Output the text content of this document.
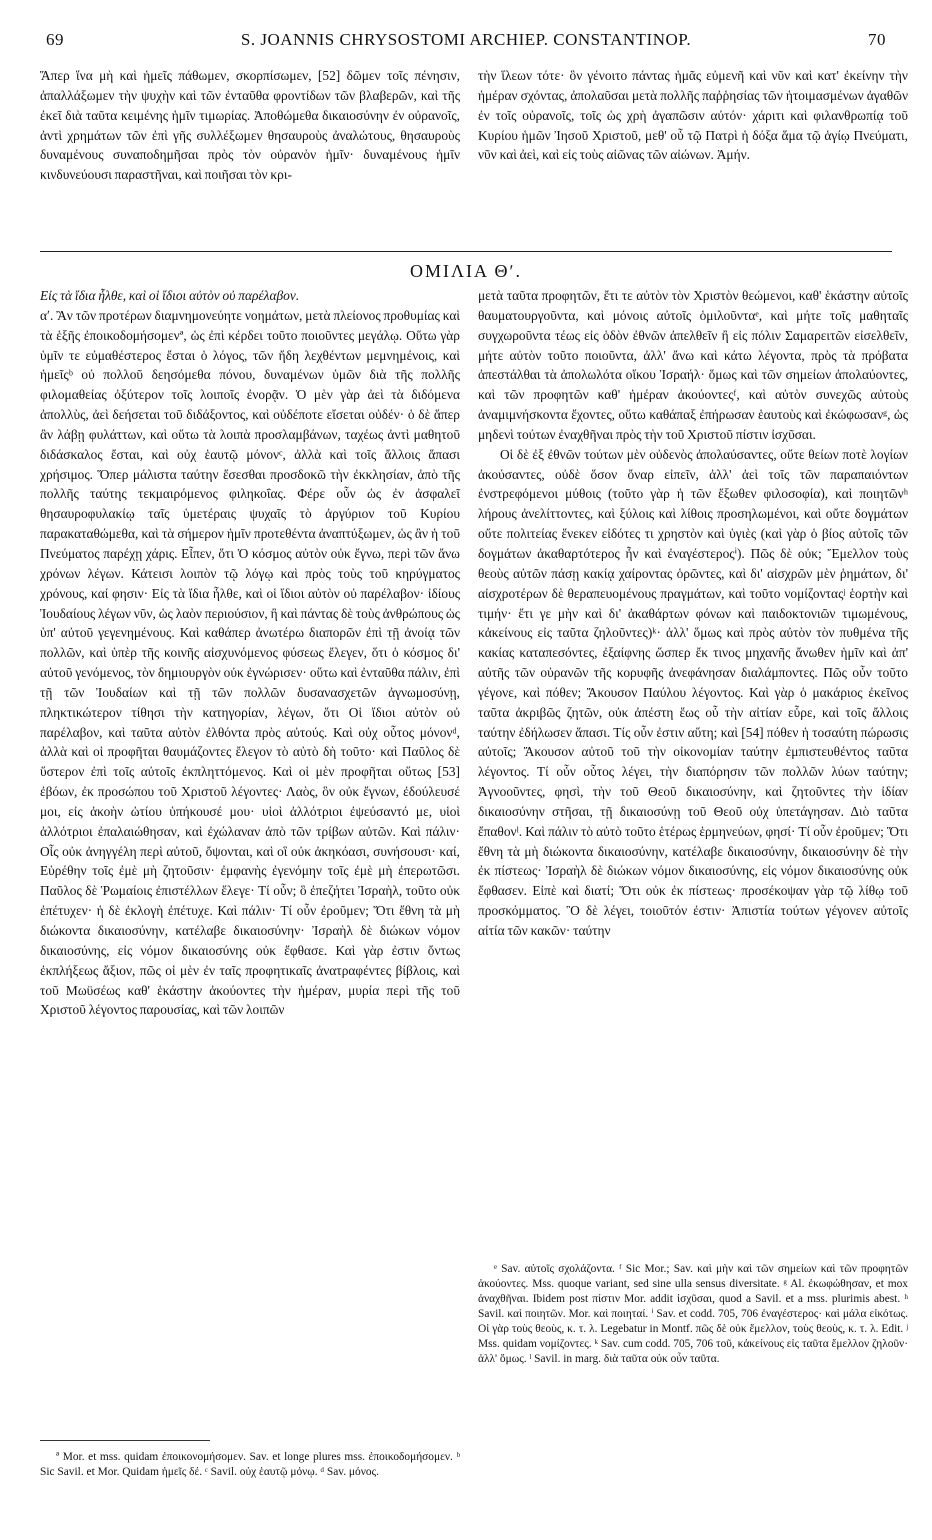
69	S. JOANNIS CHRYSOSTOMI ARCHIEP. CONSTANTINOP.	70

Ἅπερ ἵνα μὴ καὶ ἡμεῖς πάθωμεν, σκορπίσωμεν, [52] δῶμεν τοῖς πένησιν, ἀπαλλάξωμεν τὴν ψυχὴν καὶ τῶν ἐνταῦθα φροντίδων τῶν βλαβερῶν, καὶ τῆς ἐκεῖ διὰ ταῦτα κειμένης ἡμῖν τιμωρίας. Ἀποθώμεθα δικαιοσύνην ἐν οὐρανοῖς, ἀντὶ χρημάτων τῶν ἐπὶ γῆς συλλέξωμεν θησαυροὺς ἀναλώτους, θησαυροὺς δυναμένους συναποδημῆσαι πρὸς τὸν οὐρανὸν ἡμῖν· δυναμένους ἡμῖν κινδυνεύουσι παραστῆναι, καὶ ποιῆσαι τὸν κρι-

τὴν ἵλεων τότε· ὃν γένοιτο πάντας ἡμᾶς εὐμενῆ καὶ νῦν καὶ κατ' ἐκείνην τὴν ἡμέραν σχόντας, ἀπολαῦσαι μετὰ πολλῆς παῤῥησίας τῶν ἡτοιμασμένων ἀγαθῶν ἐν τοῖς οὐρανοῖς, τοῖς ὡς χρὴ ἀγαπῶσιν αὐτόν· χάριτι καὶ φιλανθρωπίᾳ τοῦ Κυρίου ἡμῶν Ἰησοῦ Χριστοῦ, μεθ' οὗ τῷ Πατρὶ ἡ δόξα ἅμα τῷ ἁγίῳ Πνεύματι, νῦν καὶ ἀεὶ, καὶ εἰς τοὺς αἰῶνας τῶν αἰώνων. Ἀμήν.

ΟΜΙΛΙΑ Θʹ.

Εἰς τὰ ἴδια ἦλθε, καὶ οἱ ἴδιοι αὐτὸν οὐ παρέλαβον.

αʹ. Ἂν τῶν προτέρων διαμνημονεύητε νοημάτων, μετὰ πλείονος προθυμίας καὶ τὰ ἑξῆς ἐποικοδομήσομενª, ὡς ἐπὶ κέρδει τοῦτο ποιοῦντες μεγάλῳ. Οὕτω γὰρ ὑμῖν τε εὐμαθέστερος ἔσται ὁ λόγος, τῶν ἤδη λεχθέντων μεμνημένοις, καὶ ἡμεῖςᵇ οὐ πολλοῦ δεησόμεθα πόνου, δυναμένων ὑμῶν διὰ τῆς πολλῆς φιλομαθείας ὀξύτερον τοῖς λοιποῖς ἐνορᾷν. Ὁ μὲν γὰρ ἀεὶ τὰ διδόμενα ἀπολλὺς, ἀεὶ δεήσεται τοῦ διδάξοντος, καὶ οὐδέποτε εἴσεται οὐδέν· ὁ δὲ ἅπερ ἂν λάβῃ φυλάττων, καὶ οὕτω τὰ λοιπὰ προσλαμβάνων, ταχέως ἀντὶ μαθητοῦ διδάσκαλος ἔσται, καὶ οὐχ ἑαυτῷ μόνονᶜ, ἀλλὰ καὶ τοῖς ἄλλοις ἅπασι χρήσιμος. Ὅπερ μάλιστα ταύτην ἔσεσθαι προσδοκῶ τὴν ἐκκλησίαν, ἀπὸ τῆς πολλῆς ταύτης τεκμαιρόμενος φιληκοΐας. Φέρε οὖν ὡς ἐν ἀσφαλεῖ θησαυροφυλακίῳ ταῖς ὑμετέραις ψυχαῖς τὸ ἀργύριον τοῦ Κυρίου παρακαταθώμεθα, καὶ τὰ σήμερον ἡμῖν προτεθέντα ἀναπτύξωμεν, ὡς ἂν ἡ τοῦ Πνεύματος παρέχῃ χάρις. Εἶπεν, ὅτι Ὁ κόσμος αὐτὸν οὐκ ἔγνω, περὶ τῶν ἄνω χρόνων λέγων. Κάτεισι λοιπὸν τῷ λόγῳ καὶ πρὸς τοὺς τοῦ κηρύγματος χρόνους, καί φησιν· Εἰς τὰ ἴδια ἦλθε, καὶ οἱ ἴδιοι αὐτὸν οὐ παρέλαβον· ἰδίους Ἰουδαίους λέγων νῦν, ὡς λαὸν περιούσιον, ἢ καὶ πάντας δὲ τοὺς ἀνθρώπους ὡς ὑπ' αὐτοῦ γεγενημένους. Καὶ καθάπερ ἀνωτέρω διαπορῶν ἐπὶ τῇ ἀνοίᾳ τῶν πολλῶν, καὶ ὑπὲρ τῆς κοινῆς αἰσχυνόμενος φύσεως ἔλεγεν, ὅτι ὁ κόσμος δι' αὐτοῦ γενόμενος, τὸν δημιουργὸν οὐκ ἐγνώρισεν· οὕτω καὶ ἐνταῦθα πάλιν, ἐπὶ τῇ τῶν Ἰουδαίων καὶ τῇ τῶν πολλῶν δυσανασχετῶν ἀγνωμοσύνῃ, πληκτικώτερον τίθησι τὴν κατηγορίαν, λέγων, ὅτι Οἱ ἴδιοι αὐτὸν οὐ παρέλαβον, καὶ ταῦτα αὐτὸν ἐλθόντα πρὸς αὐτούς. Καὶ οὐχ οὗτος μόνονᵈ, ἀλλὰ καὶ οἱ προφῆται θαυμάζοντες ἔλεγον τὸ αὐτὸ δὴ τοῦτο· καὶ Παῦλος δὲ ὕστερον ἐπὶ τοῖς αὐτοῖς ἐκπληττόμενος. Καὶ οἱ μὲν προφῆται οὕτως [53] ἐβόων, ἐκ προσώπου τοῦ Χριστοῦ λέγοντες· Λαὸς, ὃν οὐκ ἔγνων, ἐδούλευσέ μοι, εἰς ἀκοὴν ὠτίου ὑπήκουσέ μου· υἱοὶ ἀλλότριοι ἐψεύσαντό με, υἱοὶ ἀλλότριοι ἐπαλαιώθησαν, καὶ ἐχώλαναν ἀπὸ τῶν τρίβων αὐτῶν. Καὶ πάλιν· Οἷς οὐκ ἀνηγγέλη περὶ αὐτοῦ, ὄψονται, καὶ οἳ οὐκ ἀκηκόασι, συνήσουσι· καί, Εὑρέθην τοῖς ἐμὲ μὴ ζητοῦσιν· ἐμφανὴς ἐγενόμην τοῖς ἐμὲ μὴ ἐπερωτῶσι. Παῦλος δὲ Ῥωμαίοις ἐπιστέλλων ἔλεγε· Τί οὖν; ὃ ἐπεζήτει Ἰσραὴλ, τοῦτο οὐκ ἐπέτυχεν· ἡ δὲ ἐκλογὴ ἐπέτυχε. Καὶ πάλιν· Τί οὖν ἐροῦμεν; Ὅτι ἔθνη τὰ μὴ διώκοντα δικαιοσύνην, κατέλαβε δικαιοσύνην· Ἰσραὴλ δὲ διώκων νόμον δικαιοσύνης, εἰς νόμον δικαιοσύνης οὐκ ἔφθασε. Καὶ γὰρ ἐστιν ὄντως ἐκπλήξεως ἄξιον, πῶς οἱ μὲν ἐν ταῖς προφητικαῖς ἀνατραφέντες βίβλοις, καὶ τοῦ Μωϋσέως καθ' ἑκάστην ἀκούοντες τὴν ἡμέραν, μυρία περὶ τῆς τοῦ Χριστοῦ λέγοντος παρουσίας, καὶ τῶν λοιπῶν

μετὰ ταῦτα προφητῶν, ἔτι τε αὐτὸν τὸν Χριστὸν θεώμενοι, καθ' ἑκάστην αὐτοῖς θαυματουργοῦντα, καὶ μόνοις αὐτοῖς ὁμιλοῦνταᵉ, καὶ μήτε τοῖς μαθηταῖς συγχωροῦντα τέως εἰς ὁδὸν ἐθνῶν ἀπελθεῖν ἢ εἰς πόλιν Σαμαρειτῶν εἰσελθεῖν, μήτε αὐτὸν τοῦτο ποιοῦντα, ἀλλ' ἄνω καὶ κάτω λέγοντα, πρὸς τὰ πρόβατα ἀπεστάλθαι τὰ ἀπολωλότα οἴκου Ἰσραήλ· ὅμως καὶ τῶν σημείων ἀπολαύοντες, καὶ τῶν προφητῶν καθ' ἡμέραν ἀκούοντεςᶠ, καὶ αὐτὸν συνεχῶς αὐτοὺς ἀναμιμνήσκοντα ἔχοντες, οὕτω καθάπαξ ἐπήρωσαν ἑαυτοὺς καὶ ἐκώφωσανᵍ, ὡς μηδενὶ τούτων ἐναχθῆναι πρὸς τὴν τοῦ Χριστοῦ πίστιν ἰσχῦσαι.

Οἱ δὲ ἐξ ἐθνῶν τούτων μὲν οὐδενὸς ἀπολαύσαντες, οὔτε θείων ποτὲ λογίων ἀκούσαντες, οὐδὲ ὅσον ὄναρ εἰπεῖν, ἀλλ' ἀεὶ τοῖς τῶν παραπαιόντων ἐνστρεφόμενοι μύθοις (τοῦτο γὰρ ἡ τῶν ἔξωθεν φιλοσοφία), καὶ ποιητῶνʰ λήρους ἀνελίττοντες, καὶ ξύλοις καὶ λίθοις προσηλωμένοι, καὶ οὔτε δογμάτων οὔτε πολιτείας ἕνεκεν εἰδότες τι χρηστὸν καὶ ὑγιὲς (καὶ γὰρ ὁ βίος αὐτοῖς τῶν δογμάτων ἀκαθαρτότερος ἦν καὶ ἐναγέστεροςⁱ). Πῶς δὲ οὐκ; Ἔμελλον τοὺς θεοὺς αὐτῶν πάσῃ κακίᾳ χαίροντας ὁρῶντες, καὶ δι' αἰσχρῶν μὲν ῥημάτων, δι' αἰσχροτέρων δὲ θεραπευομένους πραγμάτων, καὶ τοῦτο νομίζονταςʲ ἑορτὴν καὶ τιμήν· ἔτι γε μὴν καὶ δι' ἀκαθάρτων φόνων καὶ παιδοκτονιῶν τιμωμένους, κἀκείνους εἰς ταῦτα ζηλοῦντες)ᵏ· ἀλλ' ὅμως καὶ πρὸς αὐτὸν τὸν πυθμένα τῆς κακίας καταπεσόντες, ἐξαίφνης ὥσπερ ἔκ τινος μηχανῆς ἄνωθεν ἡμῖν καὶ ἀπ' αὐτῆς τῶν οὐρανῶν τῆς κορυφῆς ἀνεφάνησαν διαλάμποντες. Πῶς οὖν τοῦτο γέγονε, καὶ πόθεν; Ἄκουσον Παύλου λέγοντος. Καὶ γὰρ ὁ μακάριος ἐκεῖνος ταῦτα ἀκριβῶς ζητῶν, οὐκ ἀπέστη ἕως οὗ τὴν αἰτίαν εὗρε, καὶ τοῖς ἄλλοις ταύτην ἐδήλωσεν ἅπασι. Τίς οὖν ἐστιν αὕτη; καὶ [54] πόθεν ἡ τοσαύτη πώρωσις αὐτοῖς; Ἄκουσον αὐτοῦ τοῦ τὴν οἰκονομίαν ταύτην ἐμπιστευθέντος ταῦτα λέγοντος. Τί οὖν οὗτος λέγει, τὴν διαπόρησιν τῶν πολλῶν λύων ταύτην; Ἀγνοοῦντες, φησὶ, τὴν τοῦ Θεοῦ δικαιοσύνην, καὶ ζητοῦντες τὴν ἰδίαν δικαιοσύνην στῆσαι, τῇ δικαιοσύνῃ τοῦ Θεοῦ οὐχ ὑπετάγησαν. Διὸ ταῦτα ἔπαθονˡ. Καὶ πάλιν τὸ αὐτὸ τοῦτο ἑτέρως ἑρμηνεύων, φησί· Τί οὖν ἐροῦμεν; Ὅτι ἔθνη τὰ μὴ διώκοντα δικαιοσύνην, κατέλαβε δικαιοσύνην, δικαιοσύνην δὲ τὴν ἐκ πίστεως· Ἰσραὴλ δὲ διώκων νόμον δικαιοσύνης, εἰς νόμον δικαιοσύνης οὐκ ἔφθασεν. Εἰπὲ καὶ διατί; Ὅτι οὐκ ἐκ πίστεως· προσέκοψαν γὰρ τῷ λίθῳ τοῦ προσκόμματος. Ὃ δὲ λέγει, τοιοῦτόν ἐστιν· Ἀπιστία τούτων γέγονεν αὐτοῖς αἰτία τῶν κακῶν· ταύτην

ᵉ Sav. αὐτοῖς σχολάζοντα. ᶠ Sic Mor.; Sav. καὶ μὴν καὶ τῶν σημείων καὶ τῶν προφητῶν ἀκούοντες. Mss. quoque variant, sed sine ulla sensus diversitate. ᵍ Al. ἐκωφώθησαν, et mox ἀναχθῆναι. Ibidem post πίστιν Mor. addit ἰσχῦσαι, quod a Savil. et a mss. plurimis abest. ʰ Savil. καὶ ποιητῶν. Mor. καὶ ποιηταί. ⁱ Sav. et codd. 705, 706 ἐναγέστερος· καὶ μάλα εἰκότως. Οἱ γὰρ τοὺς θεοὺς, κ. τ. λ. Legebatur in Montf. πῶς δὲ οὐκ ἔμελλον, τοὺς θεοὺς, κ. τ. λ. Edit. ʲ Mss. quidam νομίζοντες. ᵏ Sav. cum codd. 705, 706 τοῦ, κἀκείνους εἰς ταῦτα ἔμελλον ζηλοῦν· ἀλλ' ὅμως. ˡ Savil. in marg. διὰ ταῦτα οὐκ οὖν ταῦτα.

ª Mor. et mss. quidam ἐποικονομήσομεν. Sav. et longe plures mss. ἐποικοδομήσομεν. ᵇ Sic Savil. et Mor. Quidam ἡμεῖς δέ. ᶜ Savil. οὐχ ἑαυτῷ μόνῳ. ᵈ Sav. μόνος.
